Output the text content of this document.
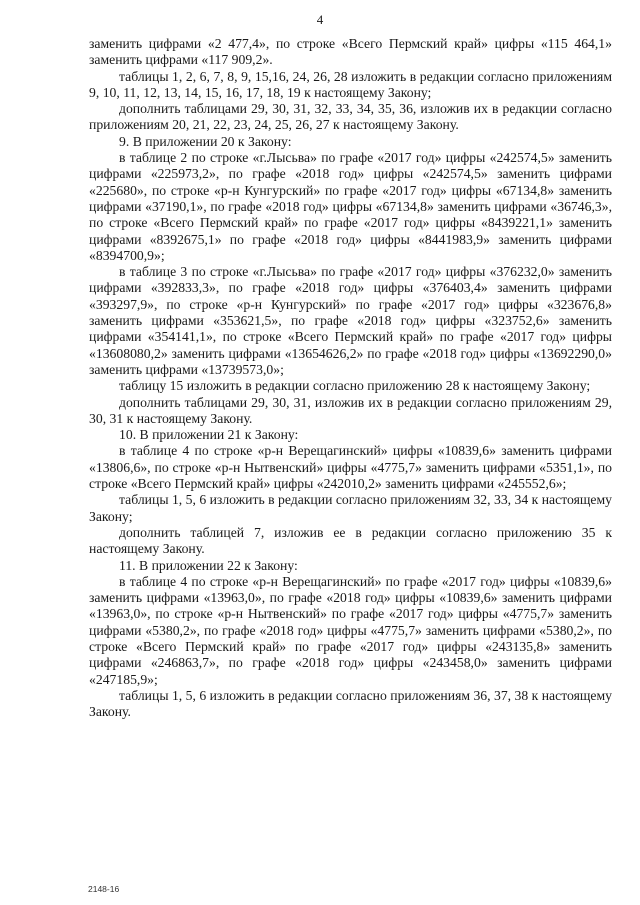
4

заменить цифрами «2 477,4», по строке «Всего Пермский край» цифры «115 464,1» заменить цифрами «117 909,2».

таблицы 1, 2, 6, 7, 8, 9, 15,16, 24, 26, 28 изложить в редакции согласно приложениям 9, 10, 11, 12, 13, 14, 15, 16, 17, 18, 19 к настоящему Закону;

дополнить таблицами 29, 30, 31, 32, 33, 34, 35, 36, изложив их в редакции согласно приложениям 20, 21, 22, 23, 24, 25, 26, 27 к настоящему Закону.

9. В приложении 20 к Закону:

в таблице 2 по строке «г.Лысьва» по графе «2017 год» цифры «242574,5» заменить цифрами «225973,2», по графе «2018 год» цифры «242574,5» заменить цифрами «225680», по строке «р-н Кунгурский» по графе «2017 год» цифры «67134,8» заменить цифрами «37190,1», по графе «2018 год» цифры «67134,8» заменить цифрами «36746,3», по строке «Всего Пермский край» по графе «2017 год» цифры «8439221,1» заменить цифрами «8392675,1» по графе «2018 год» цифры «8441983,9» заменить цифрами «8394700,9»;

в таблице 3 по строке «г.Лысьва» по графе «2017 год» цифры «376232,0» заменить цифрами «392833,3», по графе «2018 год» цифры «376403,4» заменить цифрами «393297,9», по строке «р-н Кунгурский» по графе «2017 год» цифры «323676,8» заменить цифрами «353621,5», по графе «2018 год» цифры «323752,6» заменить цифрами «354141,1», по строке «Всего Пермский край» по графе «2017 год» цифры «13608080,2» заменить цифрами «13654626,2» по графе «2018 год» цифры «13692290,0» заменить цифрами «13739573,0»;

таблицу 15 изложить в редакции согласно приложению 28 к настоящему Закону;

дополнить таблицами 29, 30, 31, изложив их в редакции согласно приложениям 29, 30, 31 к настоящему Закону.

10. В приложении 21 к Закону:

в таблице 4 по строке «р-н Верещагинский» цифры «10839,6» заменить цифрами «13806,6», по строке «р-н Нытвенский» цифры «4775,7» заменить цифрами «5351,1», по строке «Всего Пермский край» цифры «242010,2» заменить цифрами «245552,6»;

таблицы 1, 5, 6 изложить в редакции согласно приложениям 32, 33, 34 к настоящему Закону;

дополнить таблицей 7, изложив ее в редакции согласно приложению 35 к настоящему Закону.

11. В приложении 22 к Закону:

в таблице 4 по строке «р-н Верещагинский» по графе «2017 год» цифры «10839,6» заменить цифрами «13963,0», по графе «2018 год» цифры «10839,6» заменить цифрами «13963,0», по строке «р-н Нытвенский» по графе «2017 год» цифры «4775,7» заменить цифрами «5380,2», по графе «2018 год» цифры «4775,7» заменить цифрами «5380,2», по строке «Всего Пермский край» по графе «2017 год» цифры «243135,8» заменить цифрами «246863,7», по графе «2018 год» цифры «243458,0» заменить цифрами «247185,9»;

таблицы 1, 5, 6 изложить в редакции согласно приложениям 36, 37, 38 к настоящему Закону.

2148-16
